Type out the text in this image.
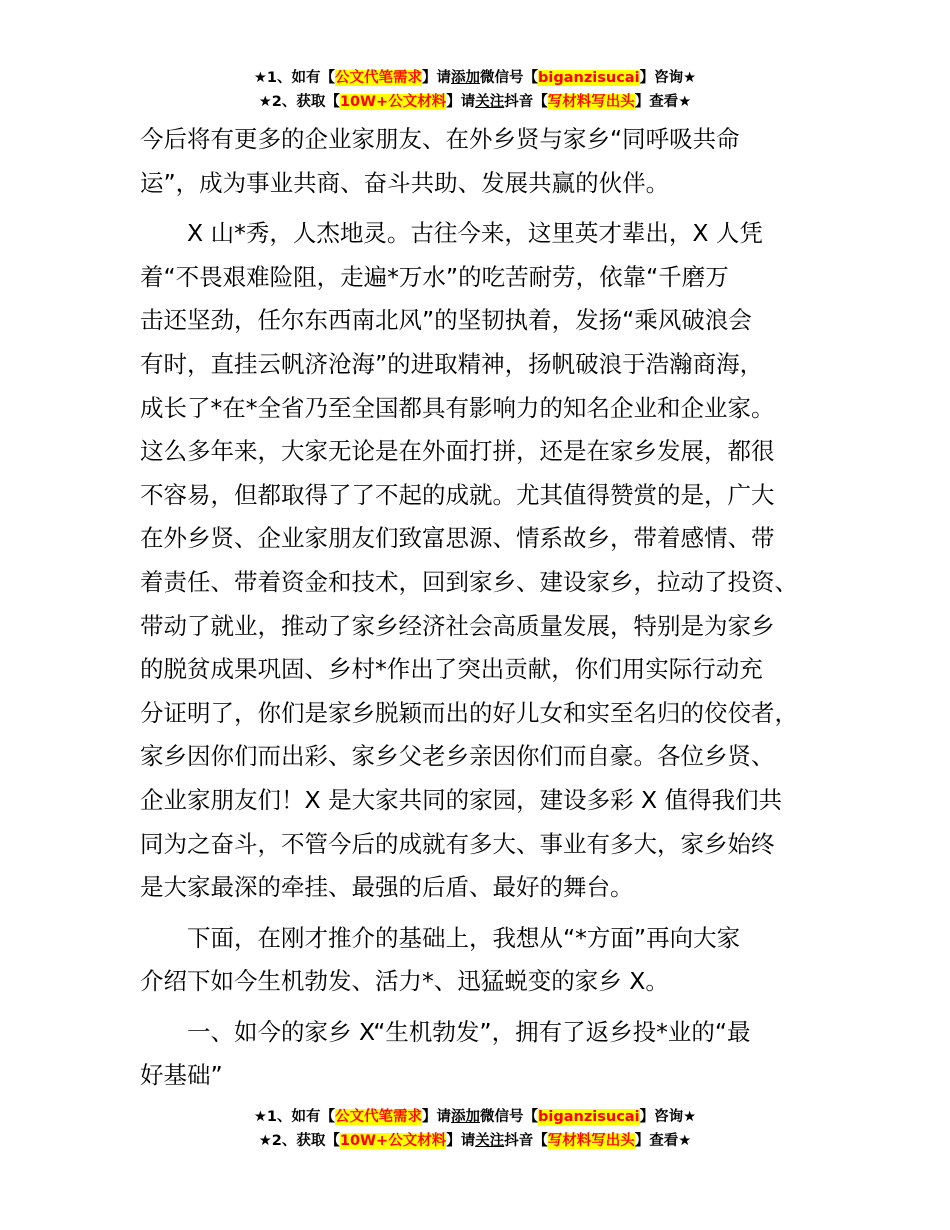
★1、如有【公文代笔需求】请添加微信号【biganzisucai】咨询★
★2、获取【10W+公文材料】请关注抖音【写材料写出头】查看★

今后将有更多的企业家朋友、在外乡贤与家乡“同呼吸共命
运”，成为事业共商、奋斗共助、发展共赢的伙伴。

X 山*秀，人杰地灵。古往今来，这里英才辈出，X 人凭
着“不畏艰难险阻，走遍*万水”的吃苦耐劳，依靠“千磨万
击还坚劲，任尔东西南北风”的坚韧执着，发扬“乘风破浪会
有时，直挂云帆济沧海”的进取精神，扬帆破浪于浩瀚商海，
成长了*在*全省乃至全国都具有影响力的知名企业和企业家。
这么多年来，大家无论是在外面打拼，还是在家乡发展，都很
不容易，但都取得了了不起的成就。尤其值得赞赏的是，广大
在外乡贤、企业家朋友们致富思源、情系故乡，带着感情、带
着责任、带着资金和技术，回到家乡、建设家乡，拉动了投资、
带动了就业，推动了家乡经济社会高质量发展，特别是为家乡
的脱贫成果巩固、乡村*作出了突出贡献，你们用实际行动充
分证明了，你们是家乡脱颖而出的好儿女和实至名归的佼佼者，
家乡因你们而出彩、家乡父老乡亲因你们而自豪。各位乡贤、
企业家朋友们！X 是大家共同的家园，建设多彩 X 值得我们共
同为之奋斗，不管今后的成就有多大、事业有多大，家乡始终
是大家最深的牵挂、最强的后盾、最好的舞台。

下面，在刚才推介的基础上，我想从“*方面”再向大家
介绍下如今生机勃发、活力*、迅猛蜕变的家乡 X。

一、如今的家乡 X“生机勃发”，拥有了返乡投*业的“最
好基础”

★1、如有【公文代笔需求】请添加微信号【biganzisucai】咨询★
★2、获取【10W+公文材料】请关注抖音【写材料写出头】查看★
